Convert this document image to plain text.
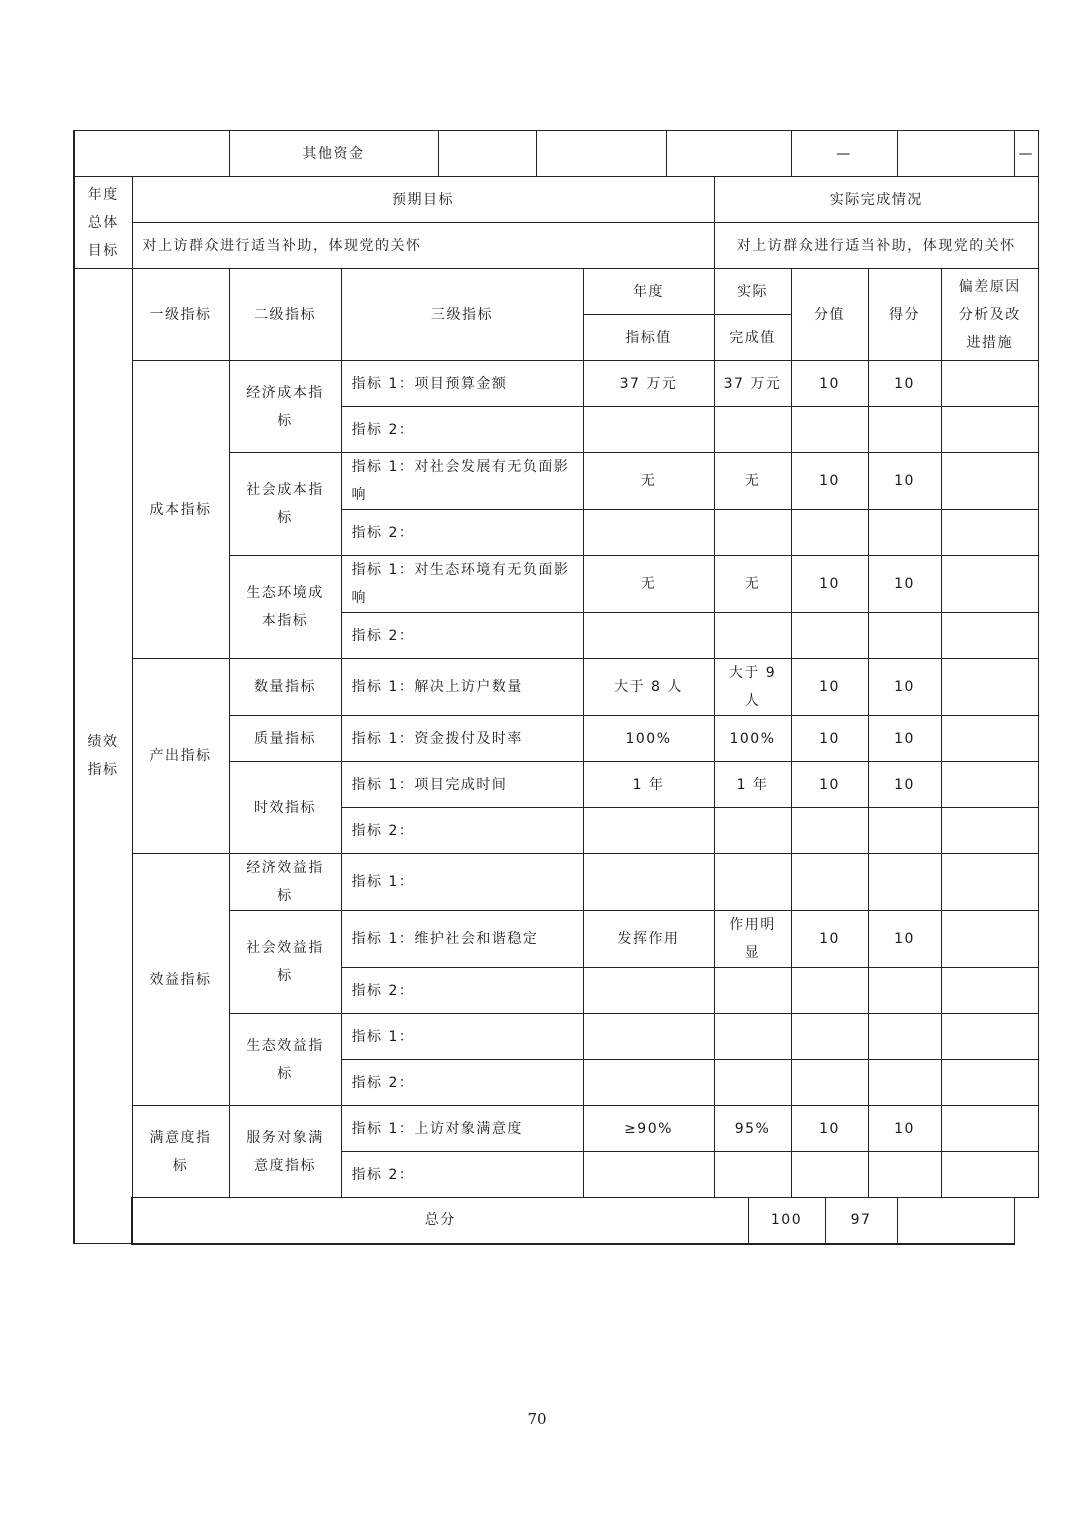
		其他资金								—					—
年度总体目标	预期目标							实际完成情况							
	对上访群众进行适当补助，体现党的关怀							对上访群众进行适当补助，体现党的关怀							
绩效指标	一级指标	二级指标	三级指标			年度		实际		分值		得分		偏差原因分析及改进措施	
						指标值		完成值							
	成本指标	经济成本指标	指标 1：项目预算金额			37 万元		37 万元		10		10			
			指标 2：												
		社会成本指标	指标 1：对社会发展有无负面影响			无		无		10		10			
			指标 2：												
		生态环境成本指标	指标 1：对生态环境有无负面影响			无		无		10		10			
			指标 2：												
	产出指标	数量指标	指标 1：解决上访户数量			大于 8 人		大于 9 人		10		10			
		质量指标	指标 1：资金拨付及时率			100%		100%		10		10			
		时效指标	指标 1：项目完成时间			1 年		1 年		10		10			
			指标 2：												
	效益指标	经济效益指标	指标 1：												
		社会效益指标	指标 1：维护社会和谐稳定			发挥作用		作用明显		10		10			
			指标 2：												
		生态效益指标	指标 1：												
			指标 2：												
	满意度指标	服务对象满意度指标	指标 1：上访对象满意度			≥90%		95%		10		10			
			指标 2：												
	总分								100		97				
70
